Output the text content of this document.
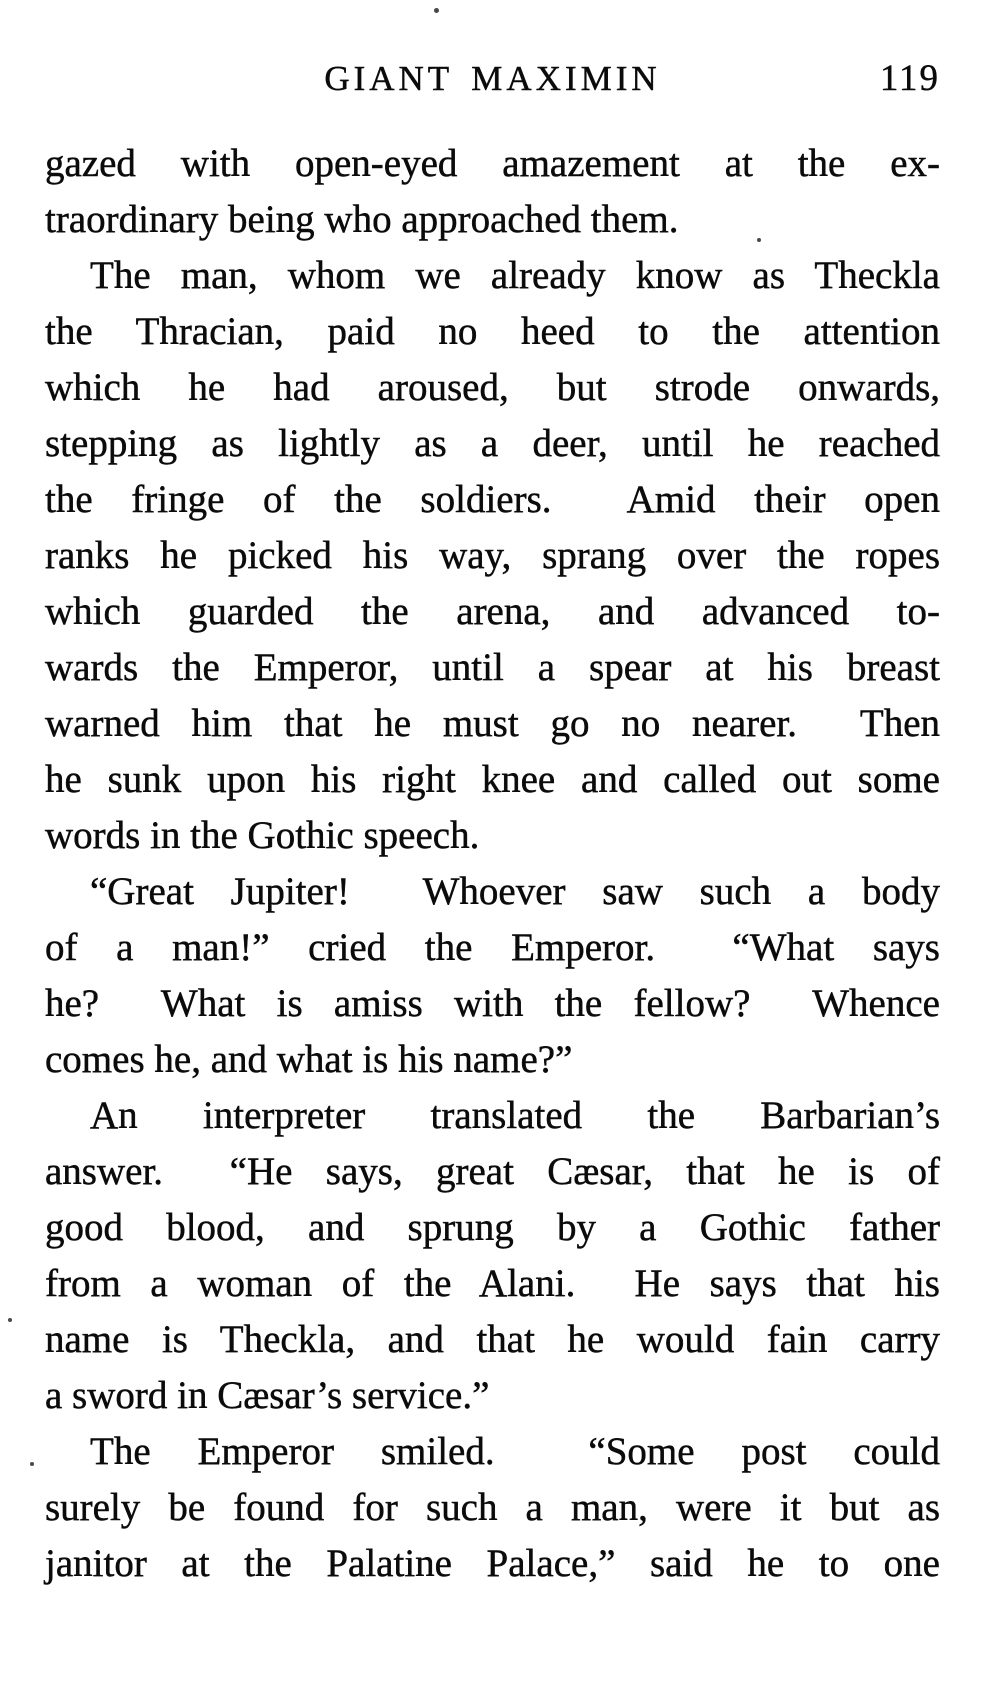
GIANT MAXIMIN	119
gazed with open-eyed amazement at the ex-
traordinary being who approached them.
The man, whom we already know as Theckla
the Thracian, paid no heed to the attention
which he had aroused, but strode onwards,
stepping as lightly as a deer, until he reached
the fringe of the soldiers.  Amid their open
ranks he picked his way, sprang over the ropes
which guarded the arena, and advanced to-
wards the Emperor, until a spear at his breast
warned him that he must go no nearer.  Then
he sunk upon his right knee and called out some
words in the Gothic speech.
“Great Jupiter!  Whoever saw such a body
of a man!” cried the Emperor.  “What says
he?  What is amiss with the fellow?  Whence
comes he, and what is his name?”
An interpreter translated the Barbarian’s
answer.  “He says, great Cæsar, that he is of
good blood, and sprung by a Gothic father
from a woman of the Alani.  He says that his
name is Theckla, and that he would fain carry
a sword in Cæsar’s service.”
The Emperor smiled.  “Some post could
surely be found for such a man, were it but as
janitor at the Palatine Palace,” said he to one
